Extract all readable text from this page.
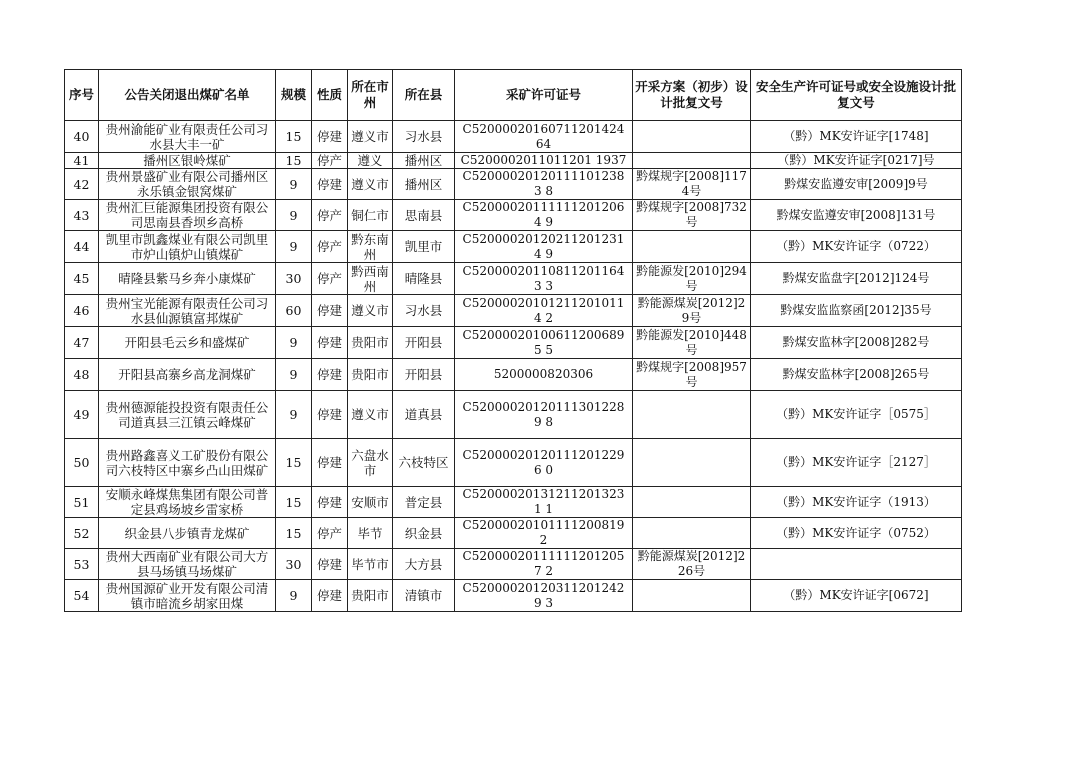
序号	公告关闭退出煤矿名单	规模	性质	所在市州	所在县	采矿许可证号	开采方案（初步）设计批复文号	安全生产许可证号或安全设施设计批复文号
40	贵州渝能矿业有限责任公司习水县大丰一矿	15	停建	遵义市	习水县	C52000020160711201424 64		（黔）MK安许证字[1748]
41	播州区银岭煤矿	15	停产	遵义	播州区	C5200002011011201 1937		（黔）MK安许证字[0217]号
42	贵州景盛矿业有限公司播州区永乐镇金银窝煤矿	9	停建	遵义市	播州区	C52000020120111101238 3 8	黔煤规字[2008]1174号	黔煤安监遵安审[2009]9号
43	贵州汇巨能源集团投资有限公司思南县香坝乡高桥	9	停产	铜仁市	思南县	C52000020111111201206 4 9	黔煤规字[2008]732号	黔煤安监遵安审[2008]131号
44	凯里市凯鑫煤业有限公司凯里市炉山镇炉山镇煤矿	9	停产	黔东南州	凯里市	C52000020120211201231 4 9		（黔）MK安许证字（0722）
45	晴隆县紫马乡奔小康煤矿	30	停产	黔西南州	晴隆县	C52000020110811201164 3 3	黔能源发[2010]294号	黔煤安监盘字[2012]124号
46	贵州宝光能源有限责任公司习水县仙源镇富邦煤矿	60	停建	遵义市	习水县	C52000020101211201011 4 2	黔能源煤炭[2012]29号	黔煤安监监察函[2012]35号
47	开阳县毛云乡和盛煤矿	9	停建	贵阳市	开阳县	C52000020100611200689 5 5	黔能源发[2010]448号	黔煤安监林字[2008]282号
48	开阳县高寨乡高龙洞煤矿	9	停建	贵阳市	开阳县	5200000820306	黔煤规字[2008]957号	黔煤安监林字[2008]265号
49	贵州德源能投投资有限责任公司道真县三江镇云峰煤矿	9	停建	遵义市	道真县	C52000020120111301228 9 8		（黔）MK安许证字［0575］
50	贵州路鑫喜义工矿股份有限公司六枝特区中寨乡凸山田煤矿	15	停建	六盘水市	六枝特区	C52000020120111201229 6 0		（黔）MK安许证字［2127］
51	安顺永峰煤焦集团有限公司普定县鸡场坡乡雷家桥	15	停建	安顺市	普定县	C52000020131211201323 1 1		（黔）MK安许证字（1913）
52	织金县八步镇青龙煤矿	15	停产	毕节	织金县	C52000020101111200819 2		（黔）MK安许证字（0752）
53	贵州大西南矿业有限公司大方县马场镇马场煤矿	30	停建	毕节市	大方县	C52000020111111201205 7 2	黔能源煤炭[2012]226号	
54	贵州国源矿业开发有限公司清镇市暗流乡胡家田煤	9	停建	贵阳市	清镇市	C52000020120311201242 9 3		（黔）MK安许证字[0672]
